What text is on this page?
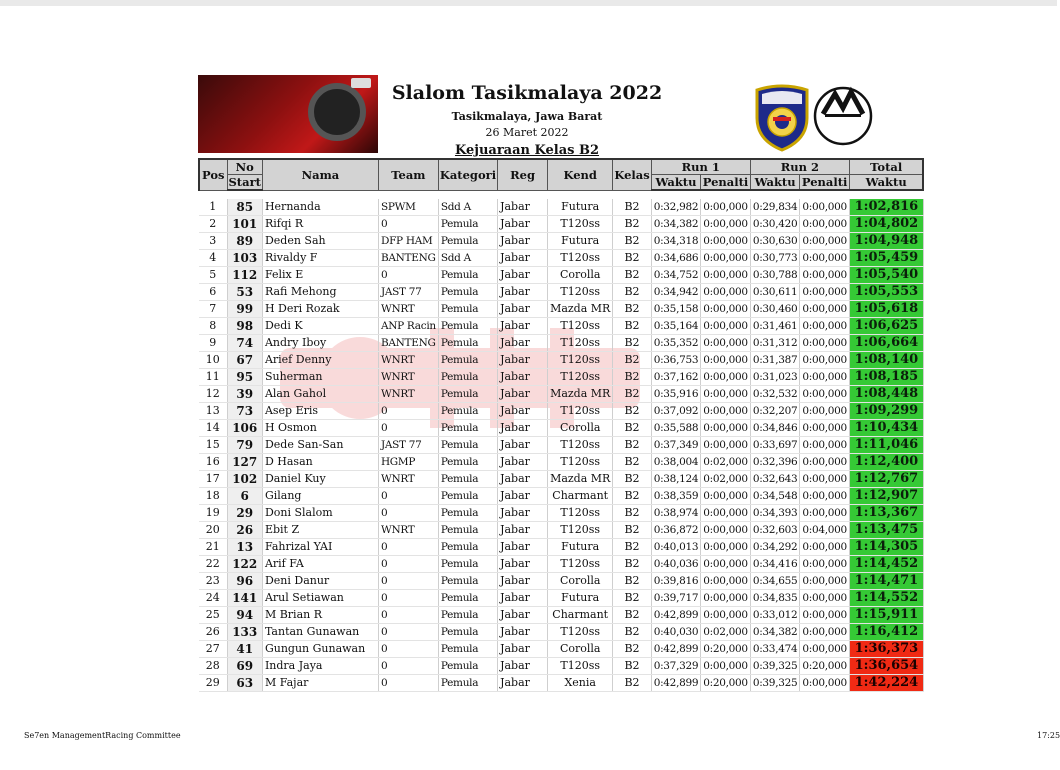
Slalom Tasikmalaya 2022
Tasikmalaya, Jawa Barat
26 Maret 2022
Kejuaraan Kelas B2
Pos	No	Nama	Team	Kategori	Reg	Kend	Kelas	Run 1		Run 2		Total
	Start							Waktu	Penalti	Waktu	Penalti	Waktu

1	85	Hernanda	SPWM	Sdd A	Jabar	Futura	B2	0:32,982	0:00,000	0:29,834	0:00,000	1:02,816
2	101	Rifqi R	0	Pemula	Jabar	T120ss	B2	0:34,382	0:00,000	0:30,420	0:00,000	1:04,802
3	89	Deden Sah	DFP HAM	Pemula	Jabar	Futura	B2	0:34,318	0:00,000	0:30,630	0:00,000	1:04,948
4	103	Rivaldy F	BANTENG	Sdd A	Jabar	T120ss	B2	0:34,686	0:00,000	0:30,773	0:00,000	1:05,459
5	112	Felix E	0	Pemula	Jabar	Corolla	B2	0:34,752	0:00,000	0:30,788	0:00,000	1:05,540
6	53	Rafi Mehong	JAST 77	Pemula	Jabar	T120ss	B2	0:34,942	0:00,000	0:30,611	0:00,000	1:05,553
7	99	H Deri Rozak	WNRT	Pemula	Jabar	Mazda MR	B2	0:35,158	0:00,000	0:30,460	0:00,000	1:05,618
8	98	Dedi K	ANP Racin	Pemula	Jabar	T120ss	B2	0:35,164	0:00,000	0:31,461	0:00,000	1:06,625
9	74	Andry Iboy	BANTENG	Pemula	Jabar	T120ss	B2	0:35,352	0:00,000	0:31,312	0:00,000	1:06,664
10	67	Arief Denny	WNRT	Pemula	Jabar	T120ss	B2	0:36,753	0:00,000	0:31,387	0:00,000	1:08,140
11	95	Suherman	WNRT	Pemula	Jabar	T120ss	B2	0:37,162	0:00,000	0:31,023	0:00,000	1:08,185
12	39	Alan Gahol	WNRT	Pemula	Jabar	Mazda MR	B2	0:35,916	0:00,000	0:32,532	0:00,000	1:08,448
13	73	Asep Eris	0	Pemula	Jabar	T120ss	B2	0:37,092	0:00,000	0:32,207	0:00,000	1:09,299
14	106	H Osmon	0	Pemula	Jabar	Corolla	B2	0:35,588	0:00,000	0:34,846	0:00,000	1:10,434
15	79	Dede San-San	JAST 77	Pemula	Jabar	T120ss	B2	0:37,349	0:00,000	0:33,697	0:00,000	1:11,046
16	127	D Hasan	HGMP	Pemula	Jabar	T120ss	B2	0:38,004	0:02,000	0:32,396	0:00,000	1:12,400
17	102	Daniel Kuy	WNRT	Pemula	Jabar	Mazda MR	B2	0:38,124	0:02,000	0:32,643	0:00,000	1:12,767
18	6	Gilang	0	Pemula	Jabar	Charmant	B2	0:38,359	0:00,000	0:34,548	0:00,000	1:12,907
19	29	Doni Slalom	0	Pemula	Jabar	T120ss	B2	0:38,974	0:00,000	0:34,393	0:00,000	1:13,367
20	26	Ebit Z	WNRT	Pemula	Jabar	T120ss	B2	0:36,872	0:00,000	0:32,603	0:04,000	1:13,475
21	13	Fahrizal YAI	0	Pemula	Jabar	Futura	B2	0:40,013	0:00,000	0:34,292	0:00,000	1:14,305
22	122	Arif FA	0	Pemula	Jabar	T120ss	B2	0:40,036	0:00,000	0:34,416	0:00,000	1:14,452
23	96	Deni Danur	0	Pemula	Jabar	Corolla	B2	0:39,816	0:00,000	0:34,655	0:00,000	1:14,471
24	141	Arul Setiawan	0	Pemula	Jabar	Futura	B2	0:39,717	0:00,000	0:34,835	0:00,000	1:14,552
25	94	M Brian R	0	Pemula	Jabar	Charmant	B2	0:42,899	0:00,000	0:33,012	0:00,000	1:15,911
26	133	Tantan Gunawan	0	Pemula	Jabar	T120ss	B2	0:40,030	0:02,000	0:34,382	0:00,000	1:16,412
27	41	Gungun Gunawan	0	Pemula	Jabar	Corolla	B2	0:42,899	0:20,000	0:33,474	0:00,000	1:36,373
28	69	Indra Jaya	0	Pemula	Jabar	T120ss	B2	0:37,329	0:00,000	0:39,325	0:20,000	1:36,654
29	63	M Fajar	0	Pemula	Jabar	Xenia	B2	0:42,899	0:20,000	0:39,325	0:00,000	1:42,224
Se7en ManagementRacing Committee	17:25
